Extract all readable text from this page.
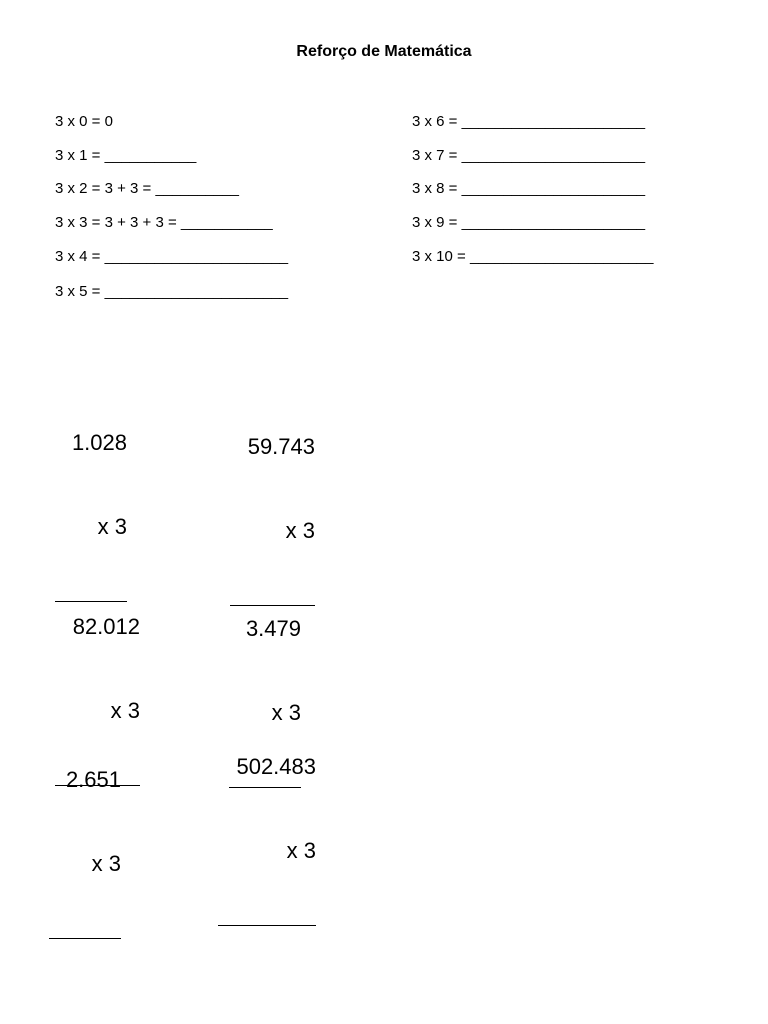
Reforço de Matemática
3 x 0 = 0
3 x 1 = ___________
3 x 2 = 3 + 3 = __________
3 x 3 = 3 + 3 + 3 = ___________
3 x 4 = ______________________
3 x 5 = ______________________
3 x 6 = ______________________
3 x 7 = ______________________
3 x 8 = ______________________
3 x 9 = ______________________
3 x 10 = ______________________

1.028

x 3

59.743

x 3

82.012

x 3

3.479

x 3

2.651

x 3

502.483

x 3
